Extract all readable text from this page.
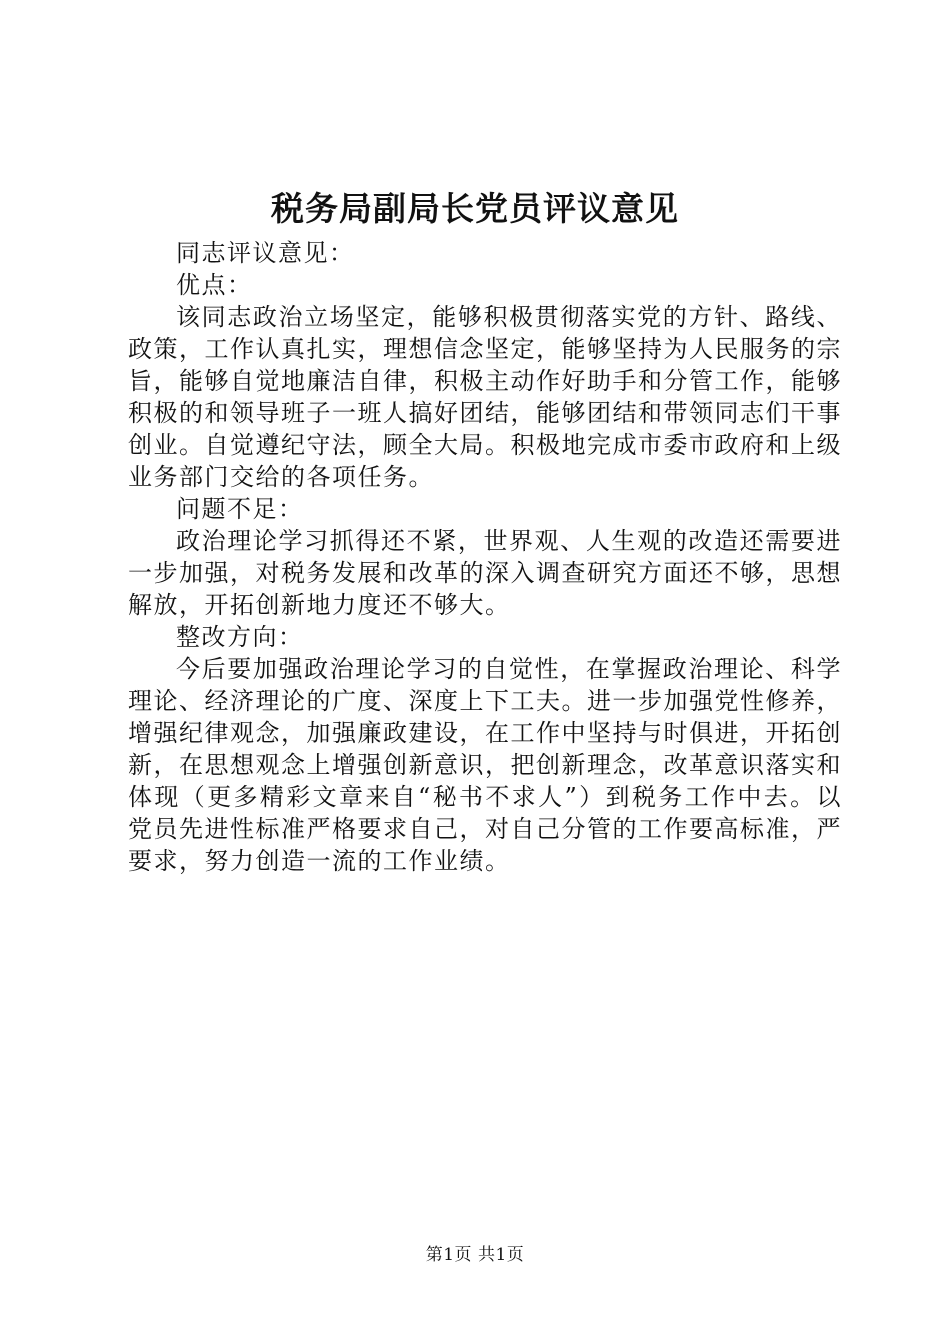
税务局副局长党员评议意见

同志评议意见：

优点：

该同志政治立场坚定，能够积极贯彻落实党的方针、路线、政策，工作认真扎实，理想信念坚定，能够坚持为人民服务的宗旨，能够自觉地廉洁自律，积极主动作好助手和分管工作，能够积极的和领导班子一班人搞好团结，能够团结和带领同志们干事创业。自觉遵纪守法，顾全大局。积极地完成市委市政府和上级业务部门交给的各项任务。

问题不足：

政治理论学习抓得还不紧，世界观、人生观的改造还需要进一步加强，对税务发展和改革的深入调查研究方面还不够，思想解放，开拓创新地力度还不够大。

整改方向：

今后要加强政治理论学习的自觉性，在掌握政治理论、科学理论、经济理论的广度、深度上下工夫。进一步加强党性修养，增强纪律观念，加强廉政建设，在工作中坚持与时俱进，开拓创新，在思想观念上增强创新意识，把创新理念，改革意识落实和体现（更多精彩文章来自“秘书不求人”）到税务工作中去。以党员先进性标准严格要求自己，对自己分管的工作要高标准，严要求，努力创造一流的工作业绩。

第1页 共1页
